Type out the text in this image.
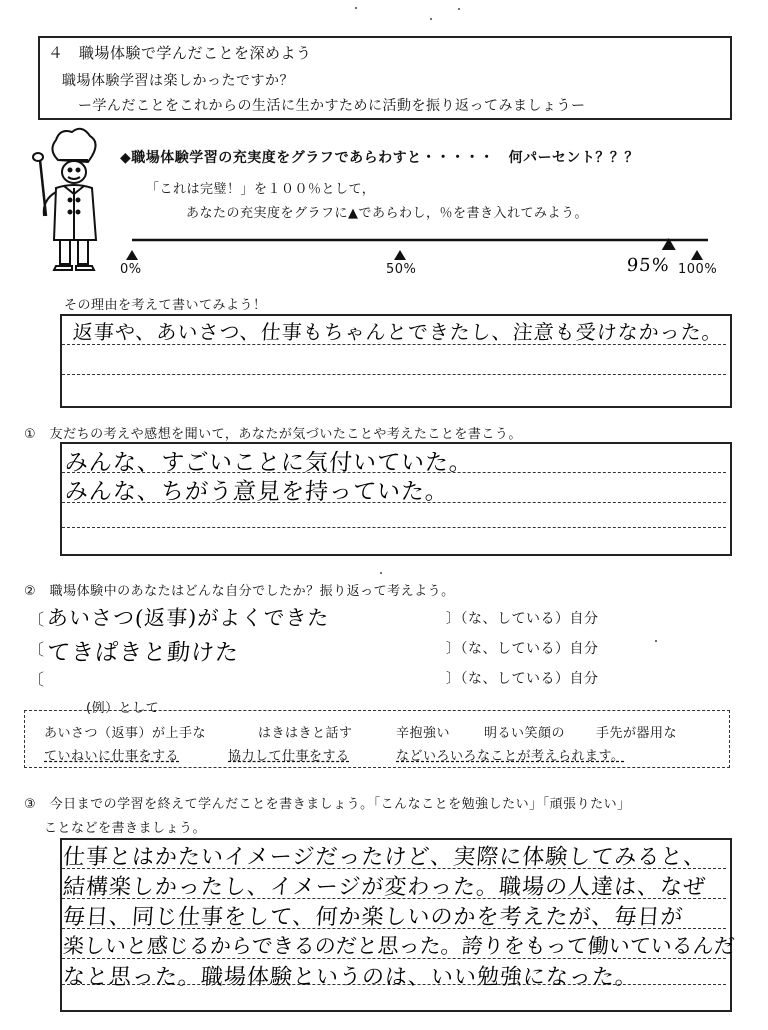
４　職場体験で学んだことを深めよう
職場体験学習は楽しかったですか？
ー学んだことをこれからの生活に生かすために活動を振り返ってみましょうー
◆職場体験学習の充実度をグラフであらわすと・・・・・　何パーセント？？？
「これは完璧！」を１００％として，
あなたの充実度をグラフに▲であらわし，％を書き入れてみよう。
0%	50%	95% 100%
その理由を考えて書いてみよう！
返事や、あいさつ、仕事もちゃんとできたし、注意も受けなかった。
①　友だちの考えや感想を聞いて，あなたが気づいたことや考えたことを書こう。
みんな、すごいことに気付いていた。
みんな、ちがう意見を持っていた。
②　職場体験中のあなたはどんな自分でしたか？振り返って考えよう。
〔 あいさつ(返事)がよくできた	〕（な、している）自分
〔 てきぱきと動けた	〕（な、している）自分
〔	〕（な、している）自分
(例）として
あいさつ（返事）が上手な	はきはきと話す	辛抱強い	明るい笑顔の 手先が器用な
ていねいに仕事をする	協力して仕事をする	などいろいろなことが考えられます。
③　今日までの学習を終えて学んだことを書きましょう。「こんなことを勉強したい」「頑張りたい」
ことなどを書きましょう。
仕事とはかたいイメージだったけど、実際に体験してみると、
結構楽しかったし、イメージが変わった。職場の人達は、なぜ
毎日、同じ仕事をして、何か楽しいのかを考えたが、毎日が
楽しいと感じるからできるのだと思った。誇りをもって働いているんだ
なと思った。職場体験というのは、いい勉強になった。
